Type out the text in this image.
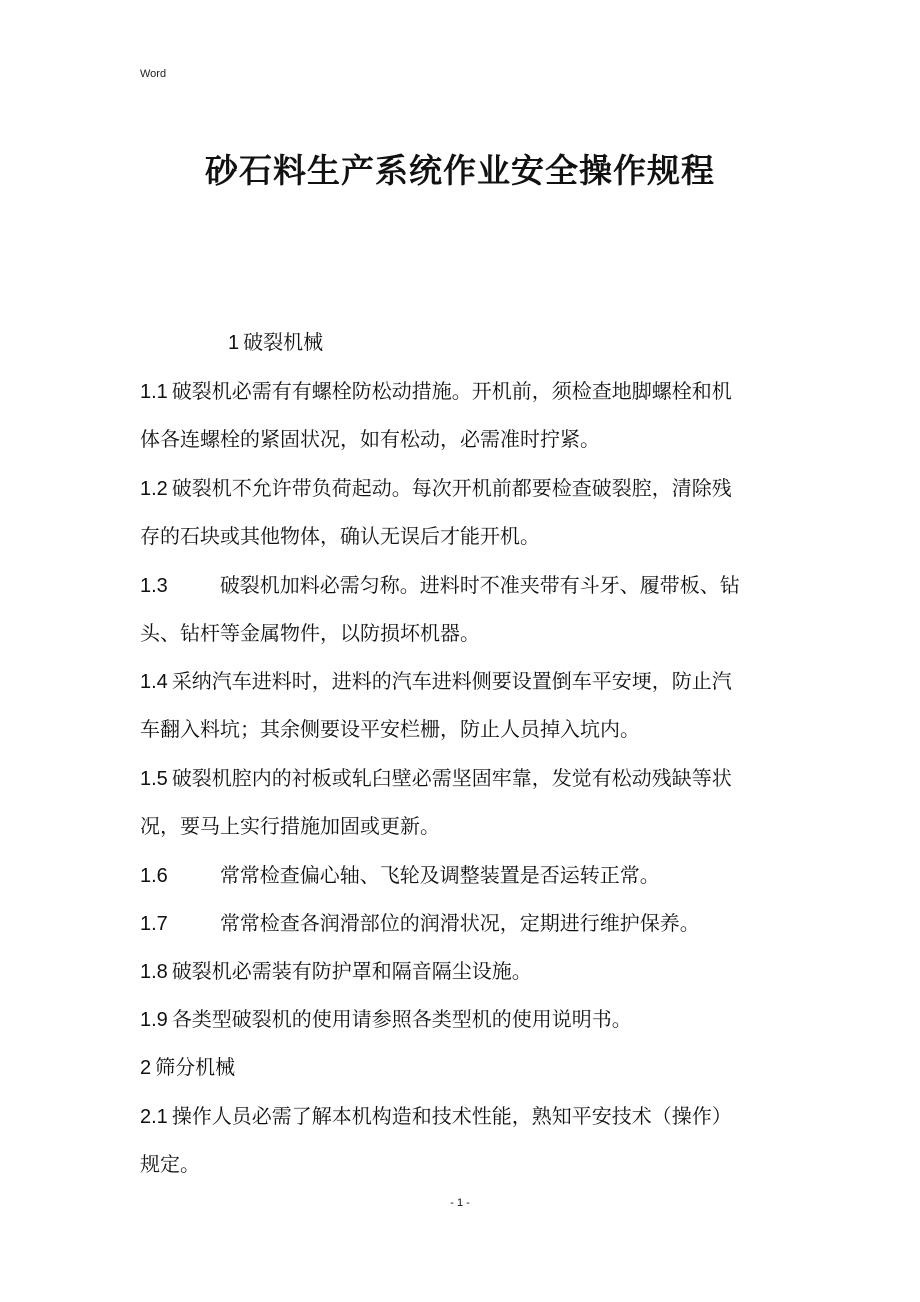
Word
砂石料生产系统作业安全操作规程
1 破裂机械
1.1 破裂机必需有有螺栓防松动措施。开机前，须检查地脚螺栓和机
体各连螺栓的紧固状况，如有松动，必需准时拧紧。
1.2 破裂机不允许带负荷起动。每次开机前都要检查破裂腔，清除残
存的石块或其他物体，确认无误后才能开机。
1.3	破裂机加料必需匀称。进料时不准夹带有斗牙、履带板、钻
头、钻杆等金属物件，以防损坏机器。
1.4 采纳汽车进料时，进料的汽车进料侧要设置倒车平安埂，防止汽
车翻入料坑；其余侧要设平安栏栅，防止人员掉入坑内。
1.5 破裂机腔内的衬板或轧臼壁必需坚固牢靠，发觉有松动残缺等状
况，要马上实行措施加固或更新。
1.6	常常检查偏心轴、飞轮及调整装置是否运转正常。
1.7	常常检查各润滑部位的润滑状况，定期进行维护保养。
1.8 破裂机必需装有防护罩和隔音隔尘设施。
1.9 各类型破裂机的使用请参照各类型机的使用说明书。
2 筛分机械
2.1 操作人员必需了解本机构造和技术性能，熟知平安技术（操作）
规定。
- 1 -
